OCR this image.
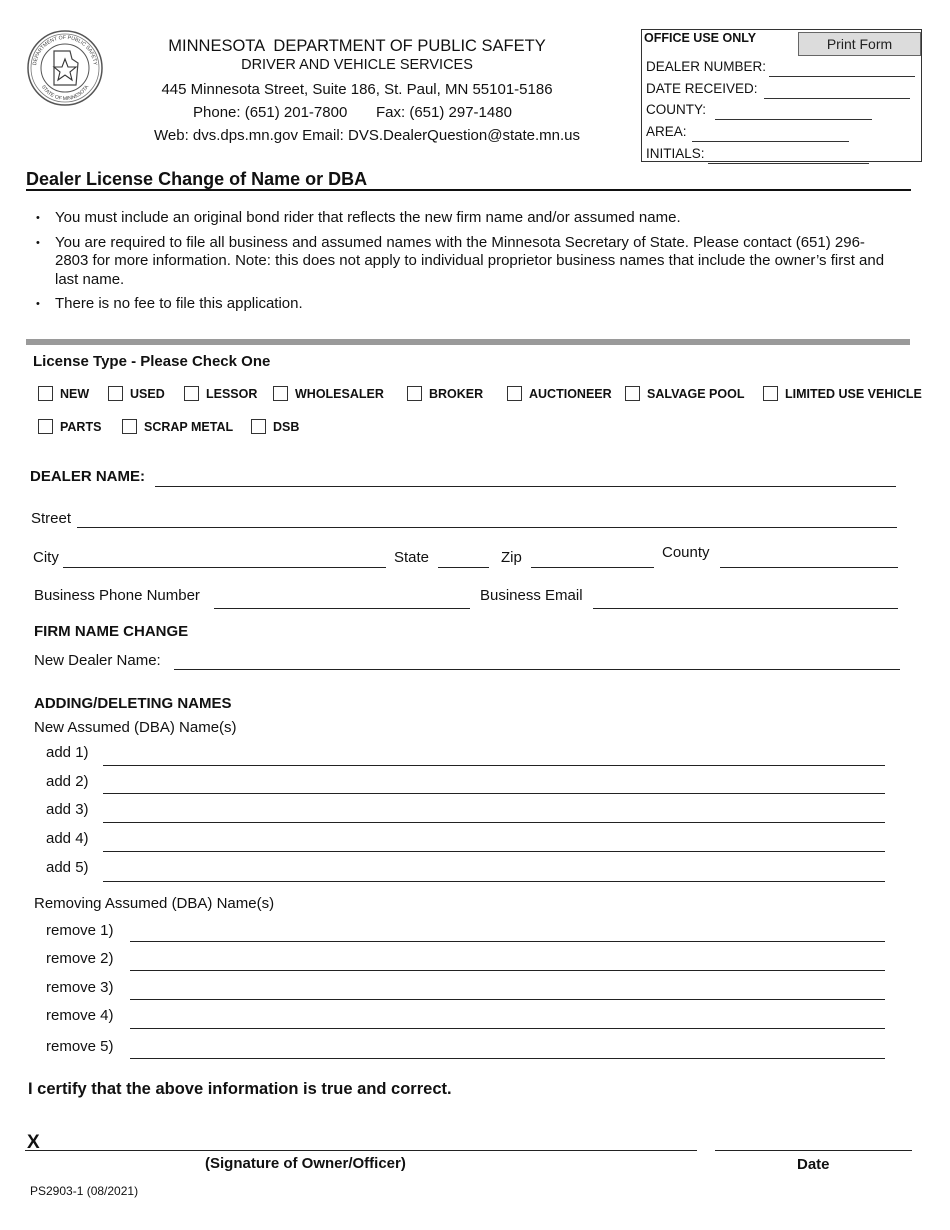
DEPARTMENT OF PUBLIC SAFETY
STATE OF MINNESOTA
MINNESOTA  DEPARTMENT OF PUBLIC SAFETY
DRIVER AND VEHICLE SERVICES
445 Minnesota Street, Suite 186, St. Paul, MN 55101-5186
Phone: (651) 201-7800 Fax: (651) 297-1480
Web: dvs.dps.mn.gov Email: DVS.DealerQuestion@state.mn.us
OFFICE USE ONLY	Print Form
DEALER NUMBER:
DATE RECEIVED:
COUNTY:
AREA:
INITIALS:
Dealer License Change of Name or DBA
• You must include an original bond rider that reflects the new firm name and/or assumed name.
• You are required to file all business and assumed names with the Minnesota Secretary of State. Please contact (651) 296-2803 for more information. Note: this does not apply to individual proprietor business names that include the owner’s first and last name.
• There is no fee to file this application.
License Type - Please Check One
NEW	USED	LESSOR	WHOLESALER	BROKER	AUCTIONEER	SALVAGE POOL	LIMITED USE VEHICLE
PARTS	SCRAP METAL	DSB
DEALER NAME:
Street
City	State	Zip	County
Business Phone Number	Business Email
FIRM NAME CHANGE
New Dealer Name:
ADDING/DELETING NAMES
New Assumed (DBA) Name(s)
add 1)
add 2)
add 3)
add 4)
add 5)
Removing Assumed (DBA) Name(s)
remove 1)
remove 2)
remove 3)
remove 4)
remove 5)
I certify that the above information is true and correct.
X
(Signature of Owner/Officer)	Date
PS2903-1 (08/2021)
